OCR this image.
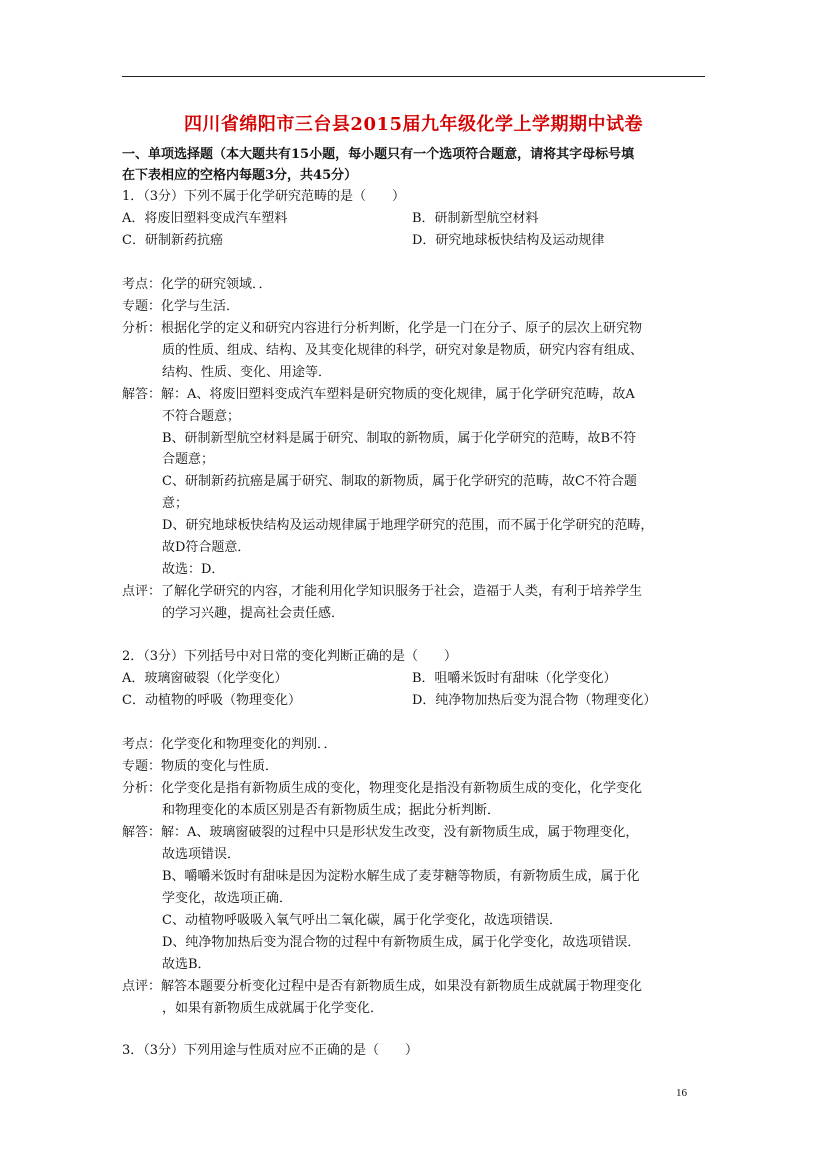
四川省绵阳市三台县2015届九年级化学上学期期中试卷
一、单项选择题（本大题共有15小题，每小题只有一个选项符合题意，请将其字母标号填
在下表相应的空格内每题3分，共45分）
1．（3分）下列不属于化学研究范畴的是（　　）
A．将废旧塑料变成汽车塑料	B．研制新型航空材料
C．研制新药抗癌	D．研究地球板快结构及运动规律
考点：化学的研究领域．．
专题：化学与生活．
分析：根据化学的定义和研究内容进行分析判断，化学是一门在分子、原子的层次上研究物
质的性质、组成、结构、及其变化规律的科学，研究对象是物质，研究内容有组成、
结构、性质、变化、用途等．
解答：解：A、将废旧塑料变成汽车塑料是研究物质的变化规律，属于化学研究范畴，故A
不符合题意；
B、研制新型航空材料是属于研究、制取的新物质，属于化学研究的范畴，故B不符
合题意；
C、研制新药抗癌是属于研究、制取的新物质，属于化学研究的范畴，故C不符合题
意；
D、研究地球板快结构及运动规律属于地理学研究的范围，而不属于化学研究的范畴，
故D符合题意．
故选：D．
点评：了解化学研究的内容，才能利用化学知识服务于社会，造福于人类，有利于培养学生
的学习兴趣，提高社会责任感．
2．（3分）下列括号中对日常的变化判断正确的是（　　）
A．玻璃窗破裂（化学变化）	B．咀嚼米饭时有甜味（化学变化）
C．动植物的呼吸（物理变化）	D．纯净物加热后变为混合物（物理变化）
考点：化学变化和物理变化的判别．．
专题：物质的变化与性质．
分析：化学变化是指有新物质生成的变化，物理变化是指没有新物质生成的变化，化学变化
和物理变化的本质区别是否有新物质生成；据此分析判断．
解答：解：A、玻璃窗破裂的过程中只是形状发生改变，没有新物质生成，属于物理变化，
故选项错误．
B、嚼嚼米饭时有甜味是因为淀粉水解生成了麦芽糖等物质，有新物质生成，属于化
学变化，故选项正确．
C、动植物呼吸吸入氧气呼出二氧化碳，属于化学变化，故选项错误．
D、纯净物加热后变为混合物的过程中有新物质生成，属于化学变化，故选项错误．
故选B．
点评：解答本题要分析变化过程中是否有新物质生成，如果没有新物质生成就属于物理变化
，如果有新物质生成就属于化学变化．
3．（3分）下列用途与性质对应不正确的是（　　）
16
